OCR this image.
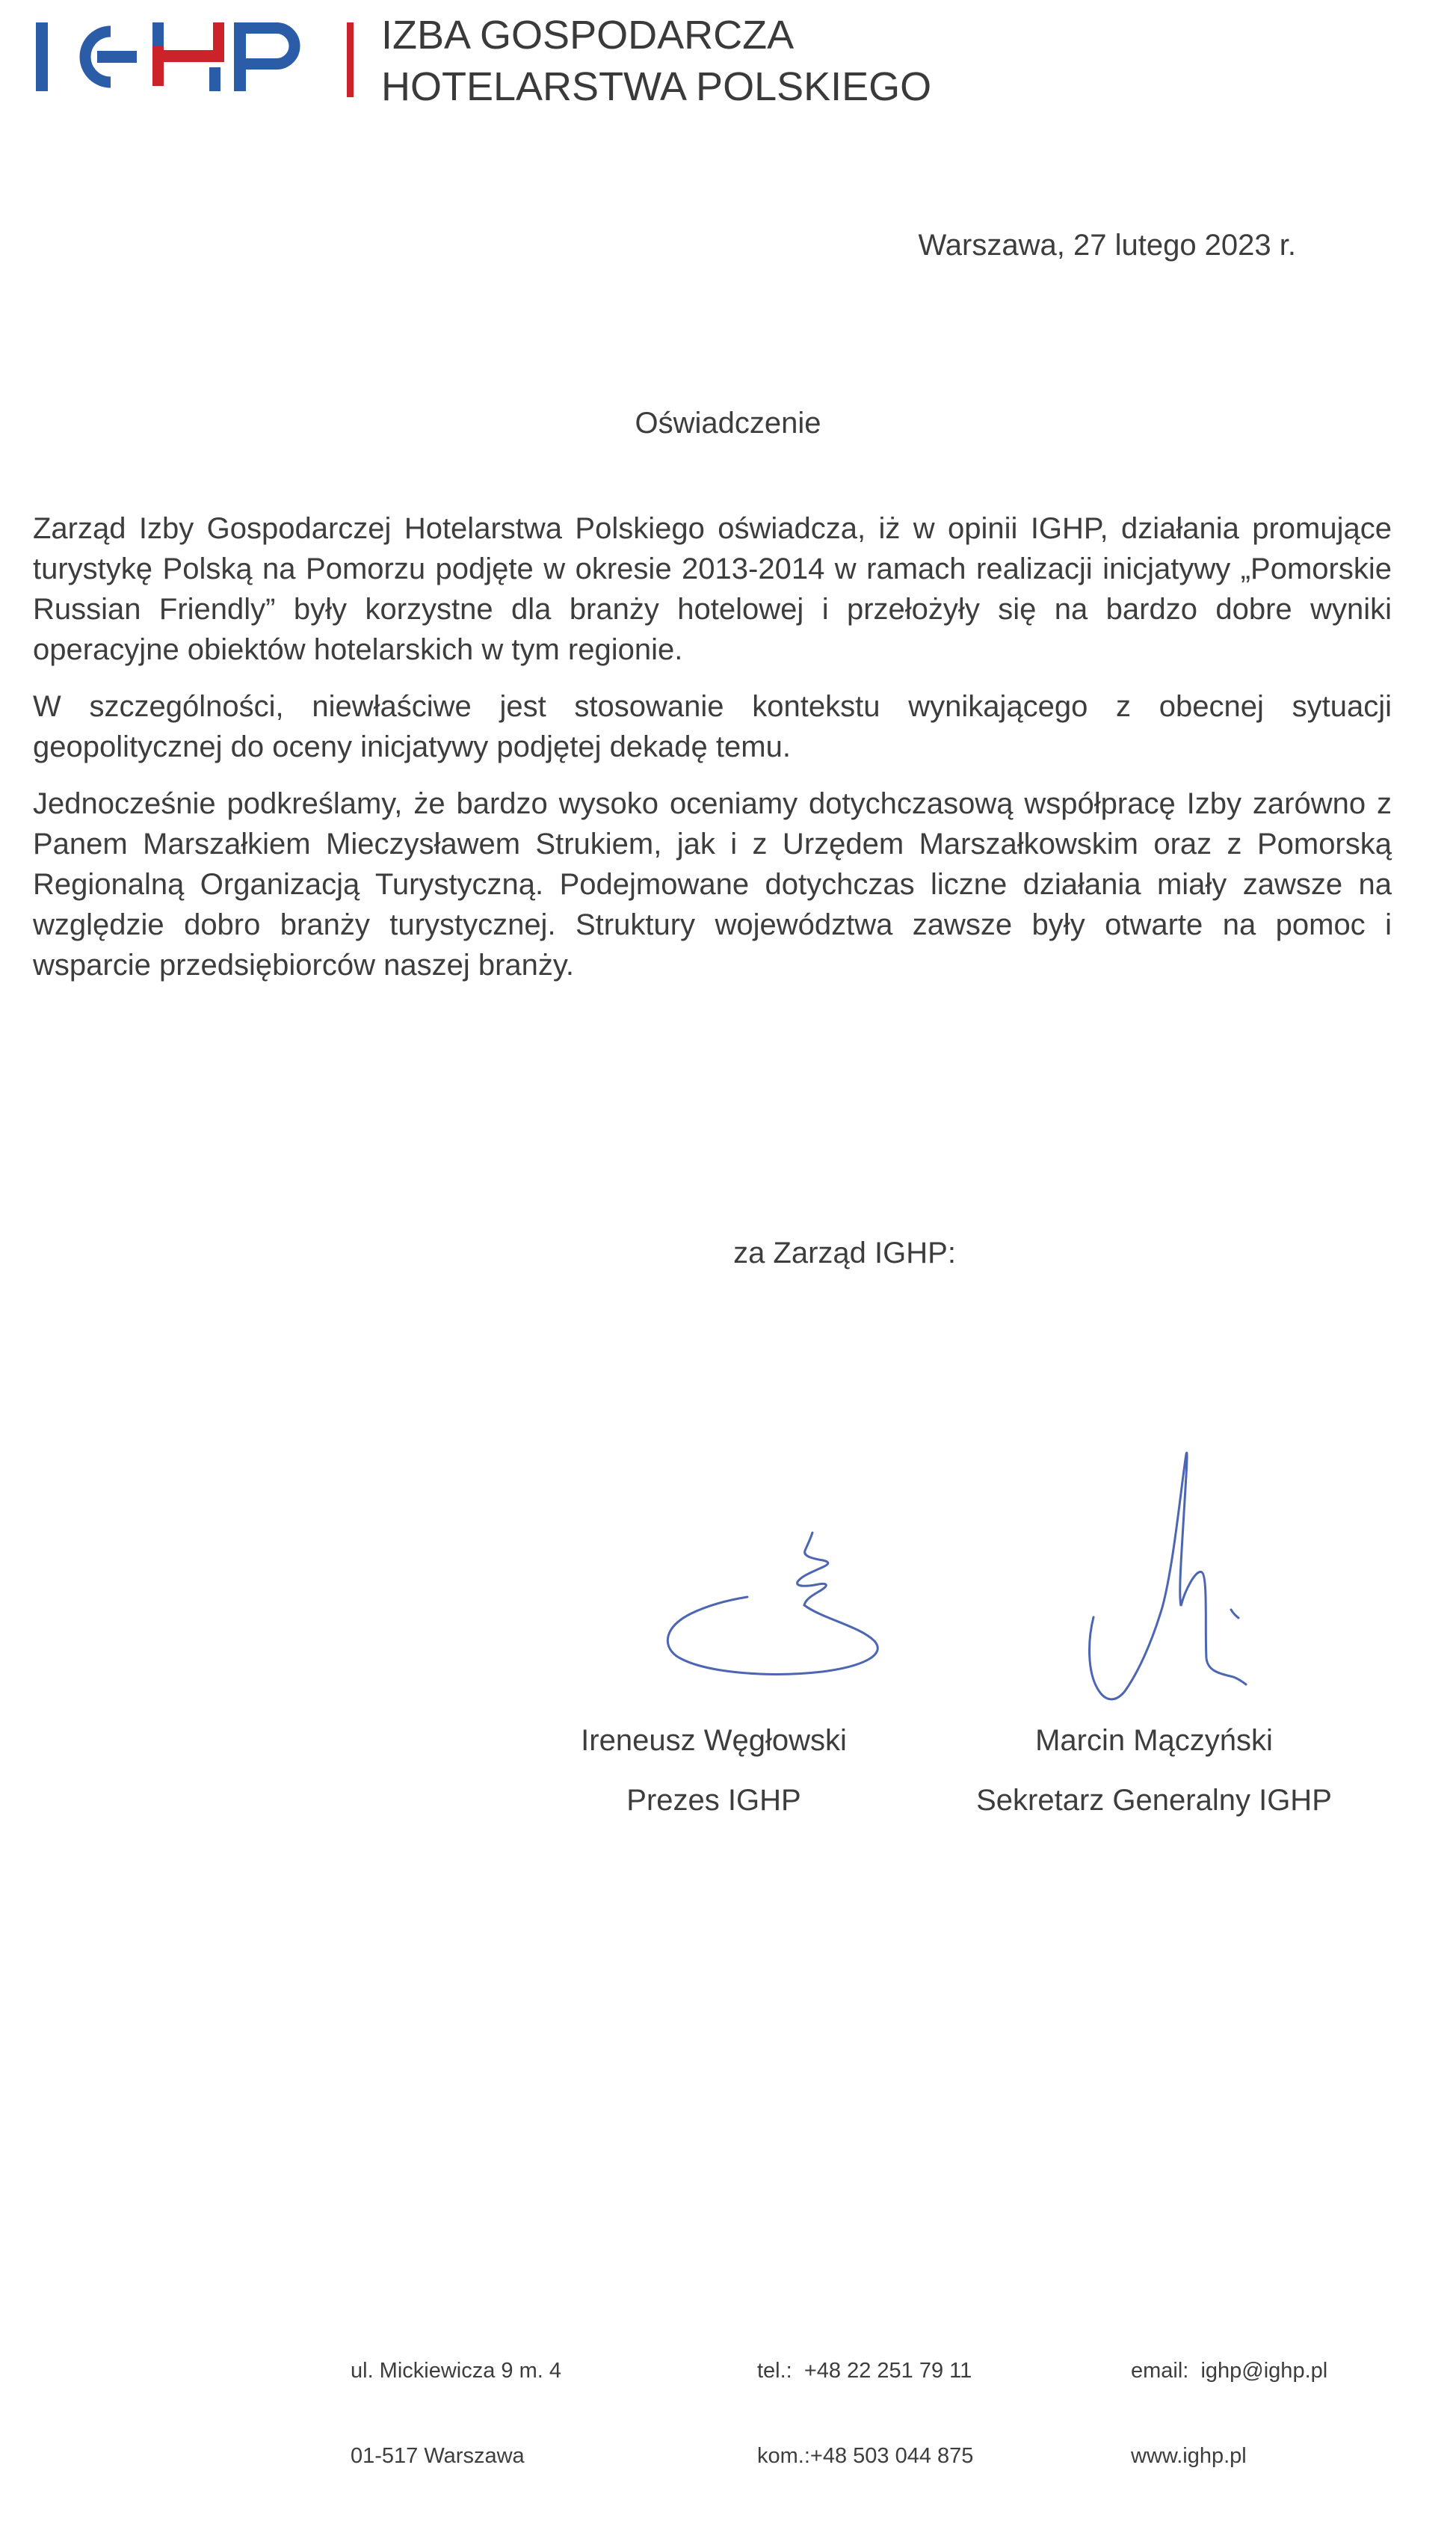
IZBA GOSPODARCZA
HOTELARSTWA POLSKIEGO
Warszawa, 27 lutego 2023 r.
Oświadczenie

Zarząd Izby Gospodarczej Hotelarstwa Polskiego oświadcza, iż w opinii IGHP, działania promujące turystykę Polską na Pomorzu podjęte w okresie 2013-2014 w ramach realizacji inicjatywy „Pomorskie Russian Friendly” były korzystne dla branży hotelowej i przełożyły się na bardzo dobre wyniki operacyjne obiektów hotelarskich w tym regionie.

W szczególności, niewłaściwe jest stosowanie kontekstu wynikającego z obecnej sytuacji geopolitycznej do oceny inicjatywy podjętej dekadę temu.

Jednocześnie podkreślamy, że bardzo wysoko oceniamy dotychczasową współpracę Izby zarówno z Panem Marszałkiem Mieczysławem Strukiem, jak i z Urzędem Marszałkowskim oraz z Pomorską Regionalną Organizacją Turystyczną. Podejmowane dotychczas liczne działania miały zawsze na względzie dobro branży turystycznej. Struktury województwa zawsze były otwarte na pomoc i wsparcie przedsiębiorców naszej branży.

za Zarząd IGHP:
Ireneusz Węgłowski	Marcin Mączyński
Prezes IGHP	Sekretarz Generalny IGHP

ul. Mickiewicza 9 m. 4

01-517 Warszawa

tel.:  +48 22 251 79 11

kom.:+48 503 044 875

email:  ighp@ighp.pl

www.ighp.pl
